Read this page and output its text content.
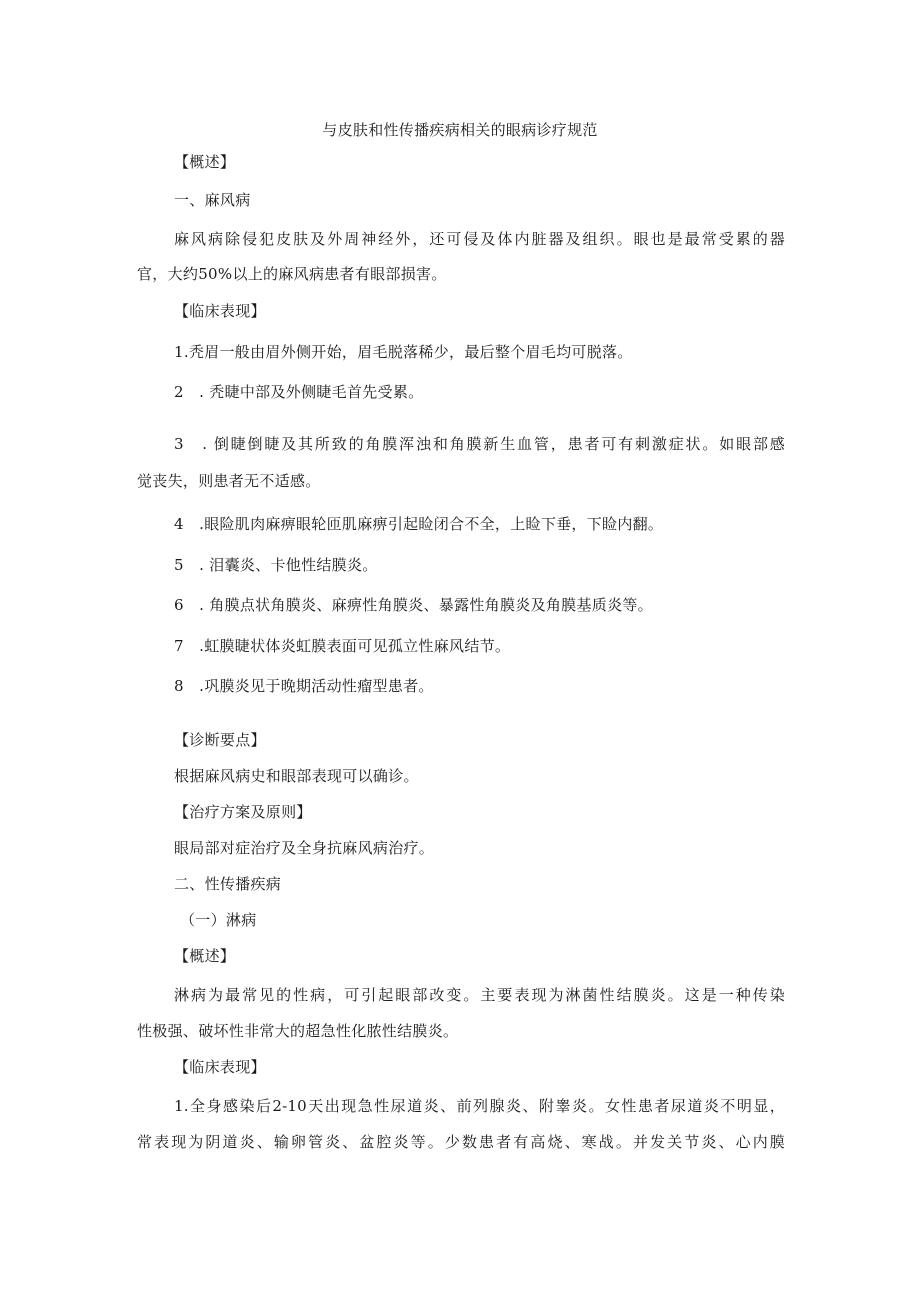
与皮肤和性传播疾病相关的眼病诊疗规范
【概述】
一、麻风病
麻风病除侵犯皮肤及外周神经外，还可侵及体内脏器及组织。眼也是最常受累的器
官，大约50%以上的麻风病患者有眼部损害。
【临床表现】
1.秃眉一般由眉外侧开始，眉毛脱落稀少，最后整个眉毛均可脱落。
2　. 秃睫中部及外侧睫毛首先受累。
3　. 倒睫倒睫及其所致的角膜浑浊和角膜新生血管，患者可有刺激症状。如眼部感
觉丧失，则患者无不适感。
4　.眼险肌肉麻痹眼轮匝肌麻痹引起睑闭合不全，上睑下垂，下睑内翻。
5　. 泪囊炎、卡他性结膜炎。
6　. 角膜点状角膜炎、麻痹性角膜炎、暴露性角膜炎及角膜基质炎等。
7　.虹膜睫状体炎虹膜表面可见孤立性麻风结节。
8　.巩膜炎见于晚期活动性瘤型患者。
【诊断要点】
根据麻风病史和眼部表现可以确诊。
【治疗方案及原则】
眼局部对症治疗及全身抗麻风病治疗。
二、性传播疾病
（一）淋病
【概述】
淋病为最常见的性病，可引起眼部改变。主要表现为淋菌性结膜炎。这是一种传染
性极强、破坏性非常大的超急性化脓性结膜炎。
【临床表现】
1.全身感染后2-10天出现急性尿道炎、前列腺炎、附睾炎。女性患者尿道炎不明显，
常表现为阴道炎、输卵管炎、盆腔炎等。少数患者有高烧、寒战。并发关节炎、心内膜
